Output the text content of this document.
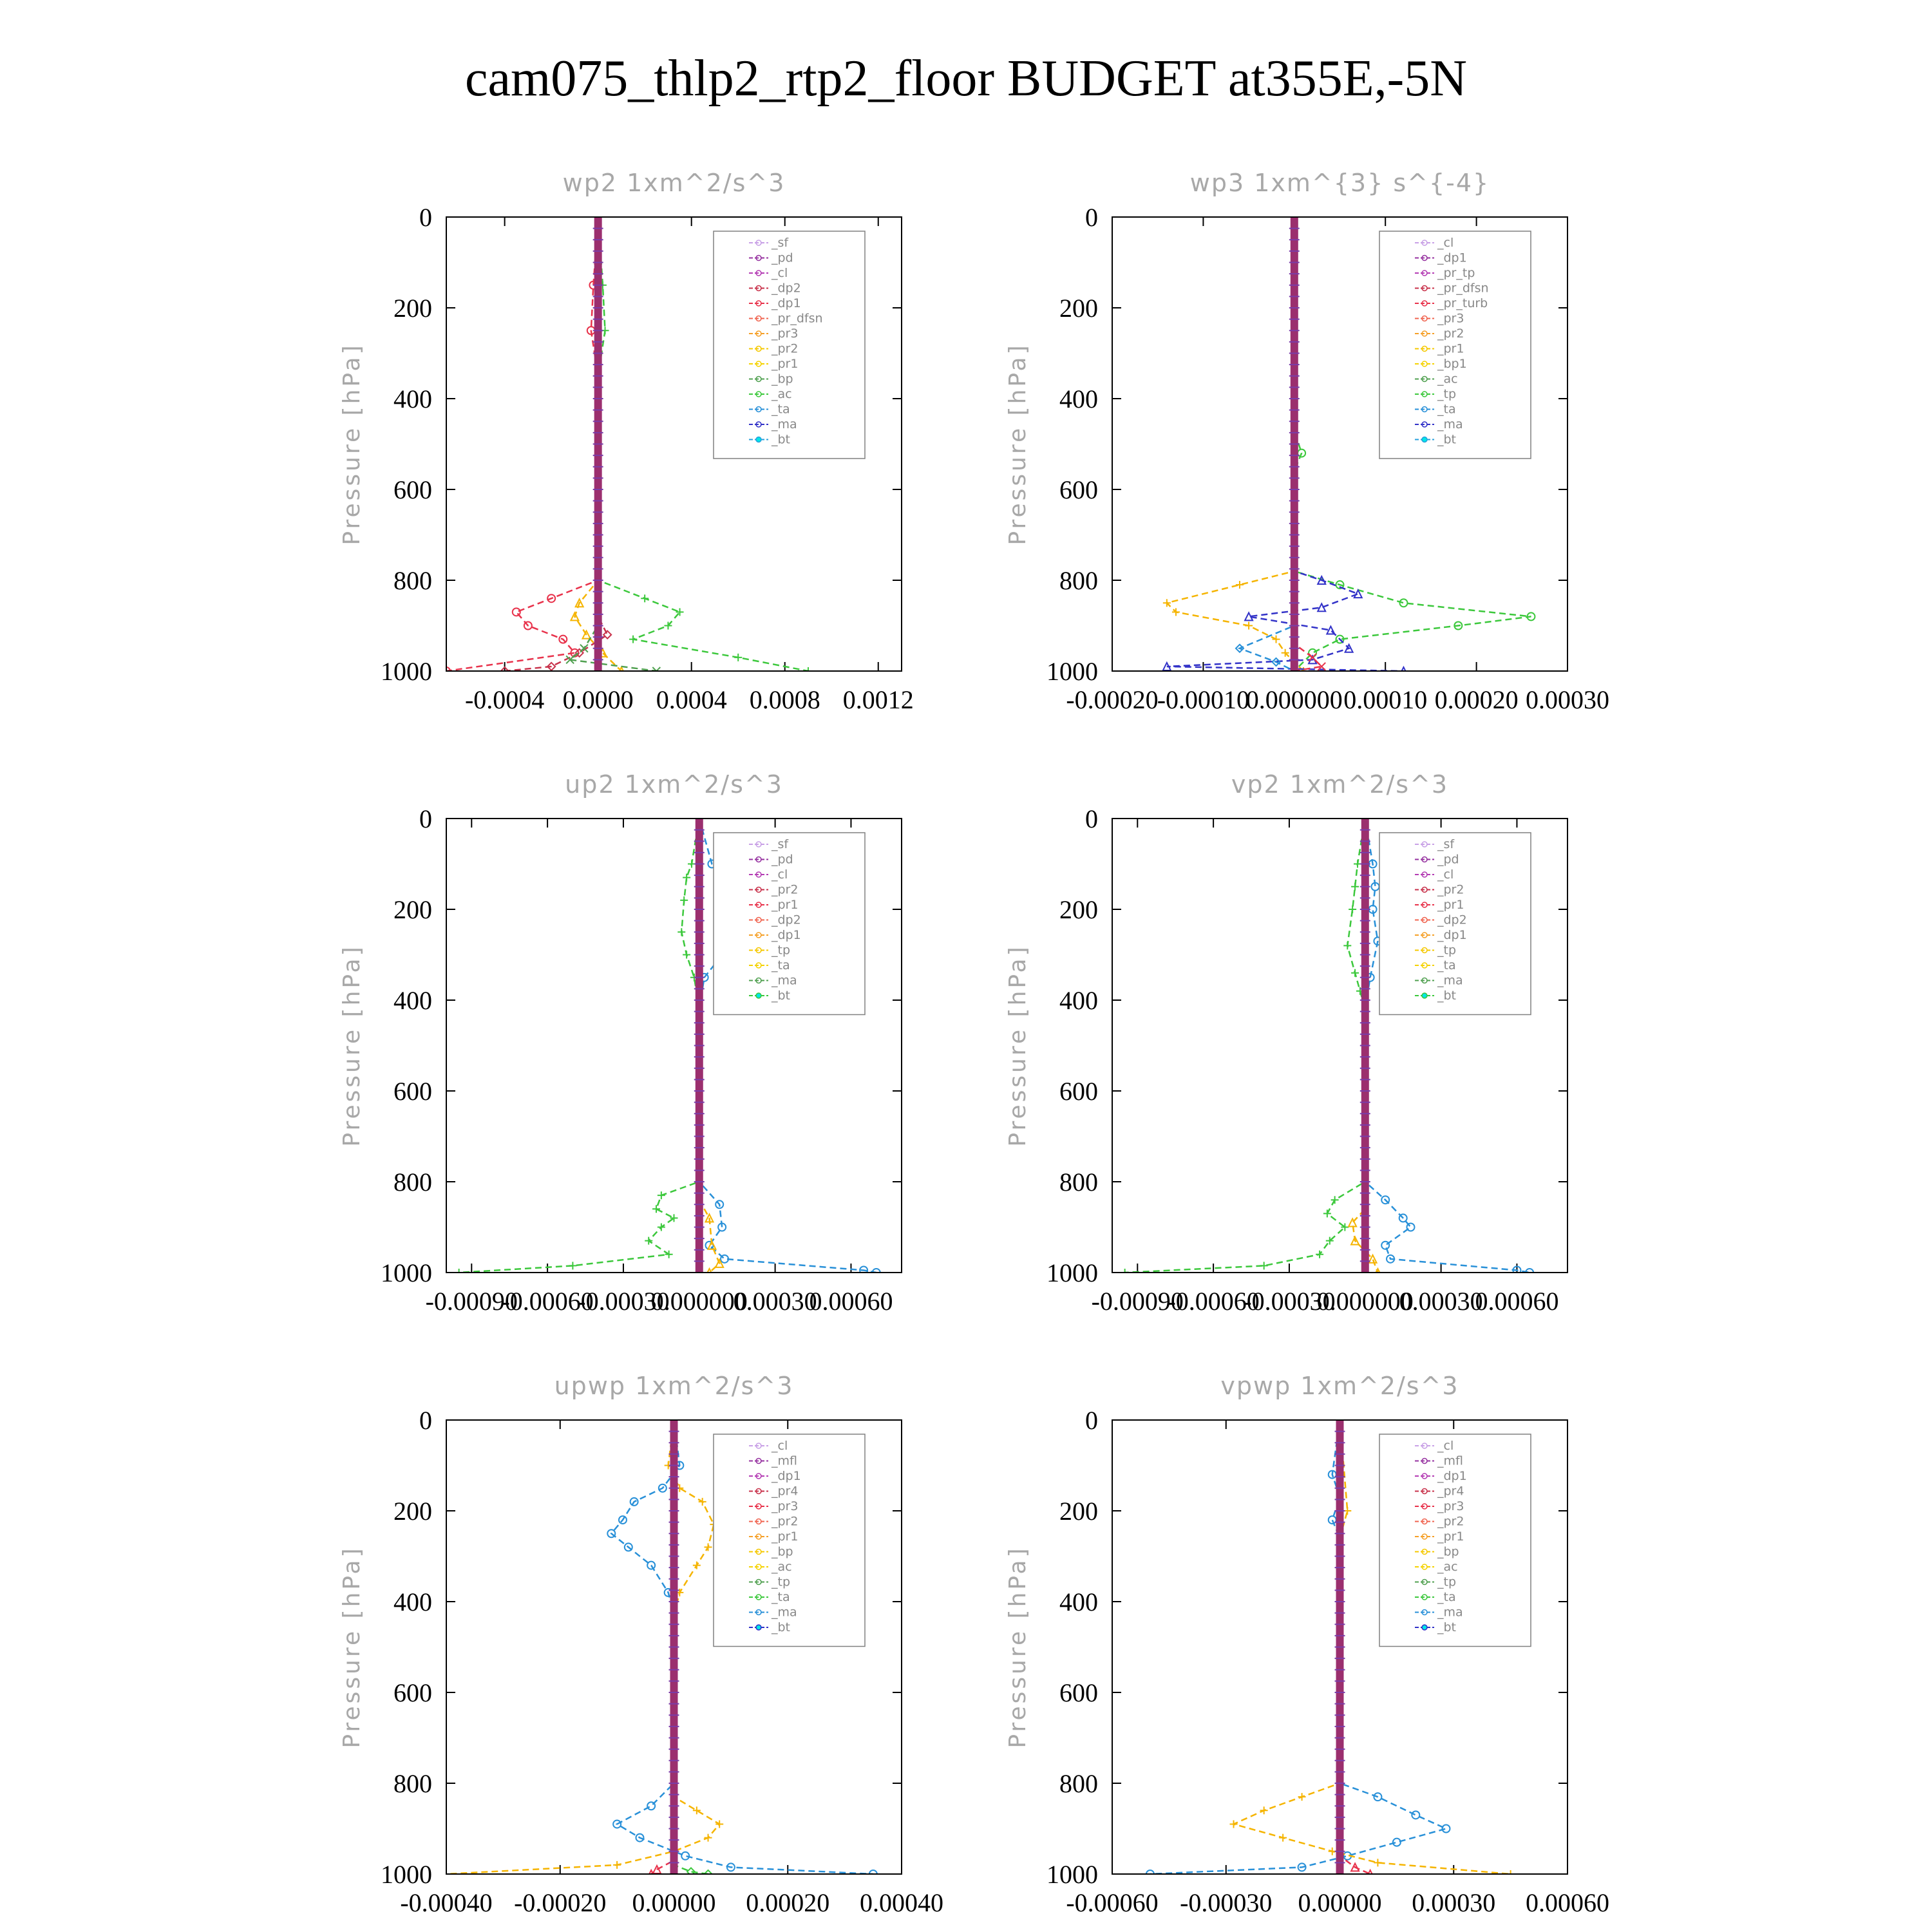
cam075_thlp2_rtp2_floor BUDGET at355E,-5N
wp2 1xm^2/s^3
Pressure [hPa]
0
200
400
600
800
1000
-0.0004 0.0000 0.0004 0.0008 0.0012
_sf
_pd
_cl
_dp2
_dp1
_pr_dfsn
_pr3
_pr2
_pr1
_bp
_ac
_ta
_ma
_bt
wp3 1xm^{3} s^{-4}
Pressure [hPa]
0
200
400
600
800
1000
-0.00020
-0.00010
0.000000 0.00010 0.00020 0.00030
_cl
_dp1
_pr_tp
_pr_dfsn
_pr_turb
_pr3
_pr2
_pr1
_bp1
_ac
_tp
_ta
_ma
_bt
up2 1xm^2/s^3
Pressure [hPa]
0
200
400
600
800
1000
-0.00090
-0.00060
-0.00030
0.000000
0.00030
0.00060
_sf
_pd
_cl
_pr2
_pr1
_dp2
_dp1
_tp
_ta
_ma
_bt
vp2 1xm^2/s^3
Pressure [hPa]
0
200
400
600
800
1000
-0.00090
-0.00060
-0.00030
0.000000
0.00030
0.00060
_sf
_pd
_cl
_pr2
_pr1
_dp2
_dp1
_tp
_ta
_ma
_bt
upwp 1xm^2/s^3
Pressure [hPa]
0
200
400
600
800
1000
-0.00040 -0.00020 0.00000 0.00020 0.00040
_cl
_mfl
_dp1
_pr4
_pr3
_pr2
_pr1
_bp
_ac
_tp
_ta
_ma
_bt
vpwp 1xm^2/s^3
Pressure [hPa]
0
200
400
600
800
1000
-0.00060 -0.00030 0.00000 0.00030 0.00060
_cl
_mfl
_dp1
_pr4
_pr3
_pr2
_pr1
_bp
_ac
_tp
_ta
_ma
_bt
